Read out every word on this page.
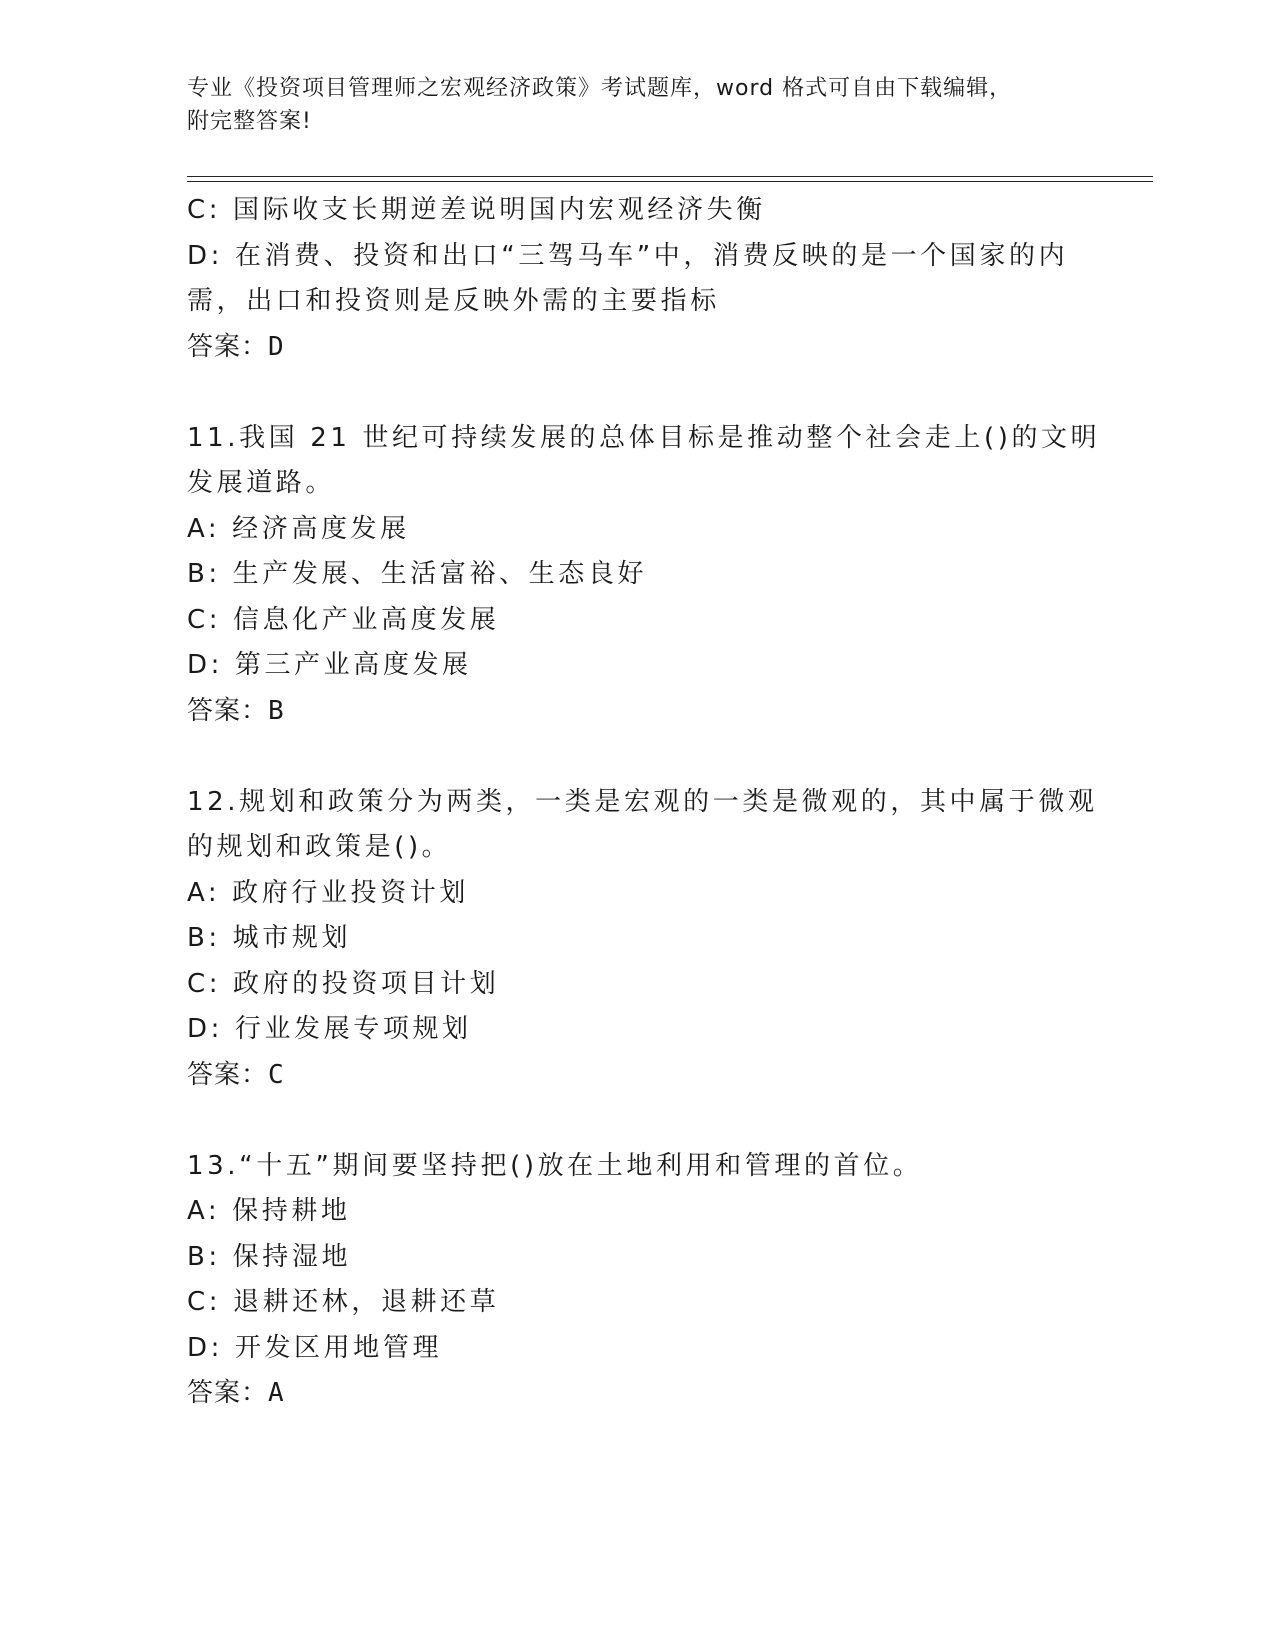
专业《投资项目管理师之宏观经济政策》考试题库，word 格式可自由下载编辑，
附完整答案!
C: 国际收支长期逆差说明国内宏观经济失衡
D: 在消费、投资和出口“三驾马车”中，消费反映的是一个国家的内
需，出口和投资则是反映外需的主要指标
答案：D
11.我国 21 世纪可持续发展的总体目标是推动整个社会走上()的文明
发展道路。
A: 经济高度发展
B: 生产发展、生活富裕、生态良好
C: 信息化产业高度发展
D: 第三产业高度发展
答案：B
12.规划和政策分为两类，一类是宏观的一类是微观的，其中属于微观
的规划和政策是()。
A: 政府行业投资计划
B: 城市规划
C: 政府的投资项目计划
D: 行业发展专项规划
答案：C
13.“十五”期间要坚持把()放在土地利用和管理的首位。
A: 保持耕地
B: 保持湿地
C: 退耕还林，退耕还草
D: 开发区用地管理
答案：A
